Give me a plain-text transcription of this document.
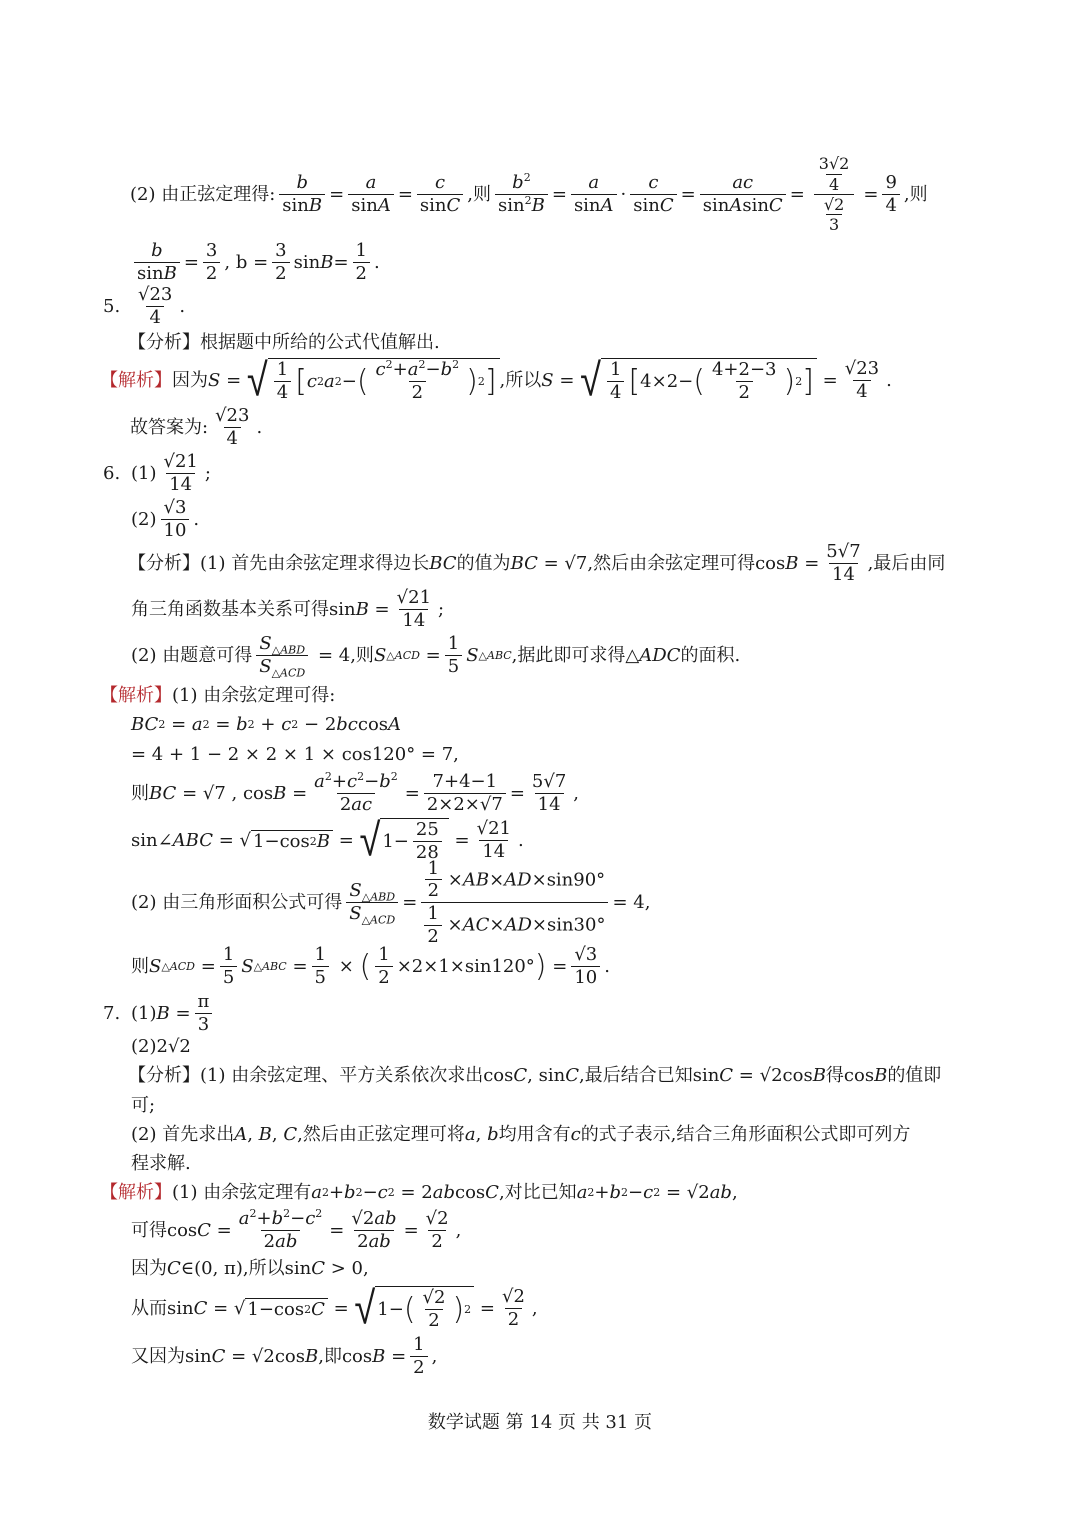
(2) 由正弦定理得:
b
sinB
=
a
sinA
=
c
sinC
,则
$b^2$
$\sin^2B$
=
a
sinA
·
c
sinC
=
ac
sinAsinC
=
$\frac{3√2}{4}$
$\frac{√2}{3}$
=
9
4
,则
b
sinB
=
3
2
, $b = \frac{3}{2}$ sin B =
1
2
.
5.
√23
4
.
【分析】 根据题中所给的公式代值解出.
【解析】 因为 S = √ 1
4 [ c 2 a 2 − ( $c^2+a^2-b^2$
2 ) 2 ] ,所以 S = √ 1
4 [ 4×2− ( 4+2−3
2 ) 2 ] =
√23
4
.
故答案为:
√23
4
.
6. (1)
√21
14
;
(2)
√3
10
.
【分析】 (1) 首先由余弦定理求得边长 BC 的值为 BC = √7 ,然后由余弦定理可得 cos B =
5√7
14
,最后由同
角三角函数基本关系可得 sin B =
√21
14
;
(2) 由题意可得
$S_{\triangle ABD}$
$S_{\triangle ACD}$
= 4 ,则 S △ACD =
1
5
S △ABC ,据此即可求得 △ ADC 的面积.
【解析】 (1) 由余弦定理可得:
BC 2 = a 2 = b 2 + c 2 − 2 bc cos A
= 4 + 1 − 2 × 2 × 1 × cos120° = 7,
则 BC = √7 , cos B =
$a^2+c^2-b^2$
2ac
=
7+4−1
2×2×√7
=
5√7
14
,
sin∠ ABC = √ 1−cos 2 B = √ 1−
25
28
=
√21
14
.
(2) 由三角形面积公式可得
$S_{\triangle ABD}$
$S_{\triangle ACD}$
=
$\frac{1}{2} \times AB\times AD\times\sin 90^\circ$
$\frac{1}{2} \times AC\times AD\times\sin 30^\circ$
= 4,
则 S △ACD =
1
5
S △ABC =
1
5
× ( 1
2
×2×1×sin120° ) =
√3
10
.
7. (1) B =
π
3
(2) 2√2
【分析】 (1) 由余弦定理、平方关系依次求出 cos C , sin C ,最后结合已知 sin C = √2cos B 得 cos B 的值即
可;
(2) 首先求出 A , B , C ,然后由正弦定理可将 a , b 均用含有 c 的式子表示,结合三角形面积公式即可列方
程求解.
【解析】 (1) 由余弦定理有 a 2 + b 2 − c 2 = 2 ab cos C ,对比已知 a 2 + b 2 − c 2 = √2 ab ,
可得 cos C =
$a^2+b^2-c^2$
2ab
=
√2ab
2ab
=
√2
2
,
因为 C ∈(0, π) ,所以 sin C > 0,
从而 sin C = √ 1−cos 2 C = √ 1− ( √2
2 ) 2 =
√2
2
,
又因为 sin C = √2cos B ,即 cos B =
1
2
,
数学试题 第 14 页 共 31 页
